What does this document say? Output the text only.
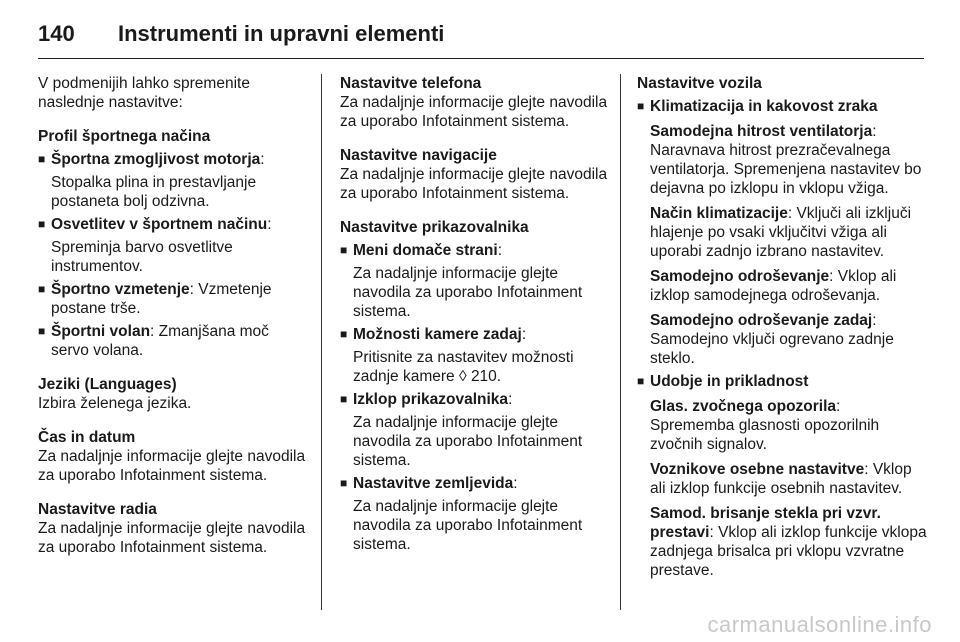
140	Instrumenti in upravni elementi

V podmenijih lahko spremenite naslednje nastavitve:

Profil športnega načina
■ Športna zmogljivost motorja:
Stopalka plina in prestavljanje postaneta bolj odzivna.
■ Osvetlitev v športnem načinu:
Spreminja barvo osvetlitve instrumentov.
■ Športno vzmetenje: Vzmetenje postane trše.
■ Športni volan: Zmanjšana moč servo volana.
Jeziki (Languages)

Izbira želenega jezika.

Čas in datum

Za nadaljnje informacije glejte navodila za uporabo Infotainment sistema.

Nastavitve radia

Za nadaljnje informacije glejte navodila za uporabo Infotainment sistema.

Nastavitve telefona

Za nadaljnje informacije glejte navodila za uporabo Infotainment sistema.

Nastavitve navigacije

Za nadaljnje informacije glejte navodila za uporabo Infotainment sistema.

Nastavitve prikazovalnika
■ Meni domače strani:
Za nadaljnje informacije glejte navodila za uporabo Infotainment sistema.
■ Možnosti kamere zadaj:
Pritisnite za nastavitev možnosti zadnje kamere ◊ 210.
■ Izklop prikazovalnika:
Za nadaljnje informacije glejte navodila za uporabo Infotainment sistema.
■ Nastavitve zemljevida:
Za nadaljnje informacije glejte navodila za uporabo Infotainment sistema.
Nastavitve vozila
■ Klimatizacija in kakovost zraka
Samodejna hitrost ventilatorja: Naravnava hitrost prezračevalnega ventilatorja. Spremenjena nastavitev bo dejavna po izklopu in vklopu vžiga.
Način klimatizacije: Vključi ali izključi hlajenje po vsaki vključitvi vžiga ali uporabi zadnjo izbrano nastavitev.
Samodejno odroševanje: Vklop ali izklop samodejnega odroševanja.
Samodejno odroševanje zadaj: Samodejno vključi ogrevano zadnje steklo.
■ Udobje in prikladnost
Glas. zvočnega opozorila: Sprememba glasnosti opozorilnih zvočnih signalov.
Voznikove osebne nastavitve: Vklop ali izklop funkcije osebnih nastavitev.
Samod. brisanje stekla pri vzvr. prestavi: Vklop ali izklop funkcije vklopa zadnjega brisalca pri vklopu vzvratne prestave.
carmanualsonline.info
